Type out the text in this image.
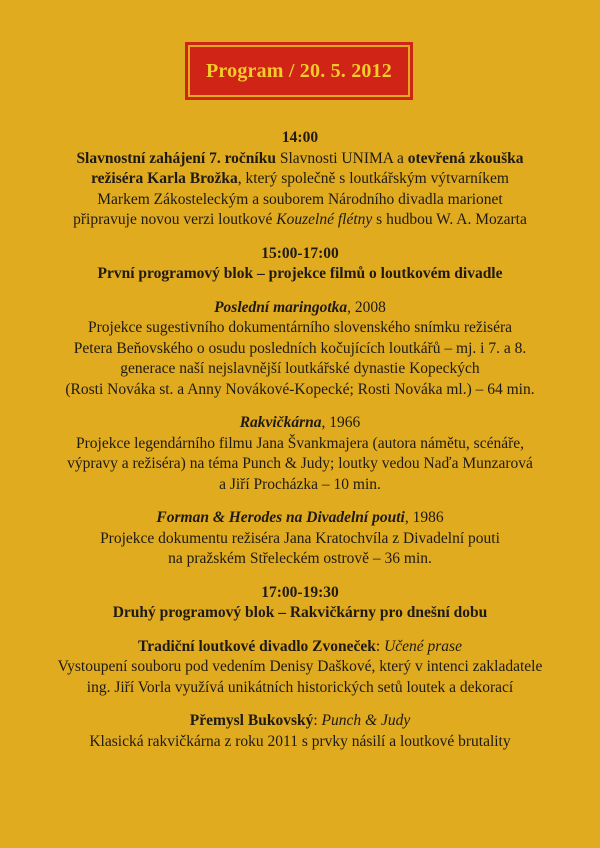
Program / 20. 5. 2012

14:00

Slavnostní zahájení 7. ročníku Slavnosti UNIMA a otevřená zkouška

režiséra Karla Brožka, který společně s loutkářským výtvarníkem

Markem Zákosteleckým a souborem Národního divadla marionet

připravuje novou verzi loutkové Kouzelné flétny s hudbou W. A. Mozarta

15:00-17:00

První programový blok – projekce filmů o loutkovém divadle

Poslední maringotka, 2008

Projekce sugestivního dokumentárního slovenského snímku režiséra

Petera Beňovského o osudu posledních kočujících loutkářů – mj. i 7. a 8.

generace naší nejslavnější loutkářské dynastie Kopeckých

(Rosti Nováka st. a Anny Novákové-Kopecké; Rosti Nováka ml.) – 64 min.

Rakvičkárna, 1966

Projekce legendárního filmu Jana Švankmajera (autora námětu, scénáře,

výpravy a režiséra) na téma Punch & Judy; loutky vedou Naďa Munzarová

a Jiří Procházka – 10 min.

Forman & Herodes na Divadelní pouti, 1986

Projekce dokumentu režiséra Jana Kratochvíla z Divadelní pouti

na pražském Střeleckém ostrově – 36 min.

17:00-19:30

Druhý programový blok – Rakvičkárny pro dnešní dobu

Tradiční loutkové divadlo Zvoneček: Učené prase

Vystoupení souboru pod vedením Denisy Daškové, který v intenci zakladatele

ing. Jiří Vorla využívá unikátních historických setů loutek a dekorací

Přemysl Bukovský: Punch & Judy

Klasická rakvičkárna z roku 2011 s prvky násilí a loutkové brutality
